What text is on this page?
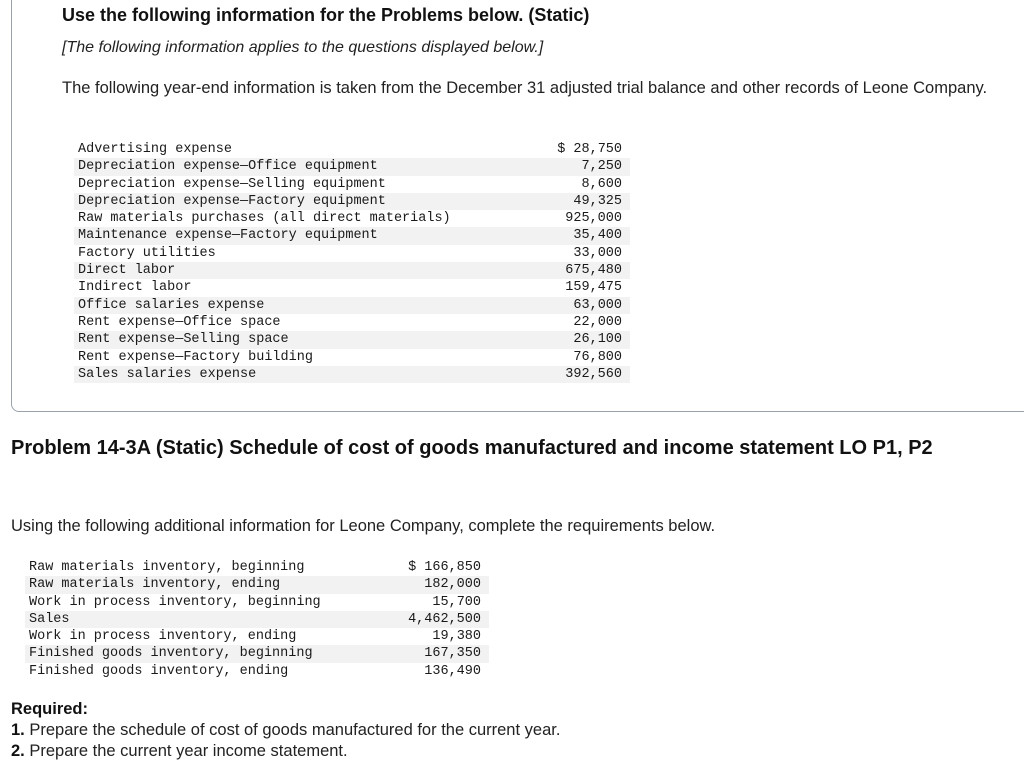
Use the following information for the Problems below. (Static)
[The following information applies to the questions displayed below.]
The following year-end information is taken from the December 31 adjusted trial balance and other records of Leone Company.
Advertising expense	$ 28,750
Depreciation expense—Office equipment	7,250
Depreciation expense—Selling equipment	8,600
Depreciation expense—Factory equipment	49,325
Raw materials purchases (all direct materials)	925,000
Maintenance expense—Factory equipment	35,400
Factory utilities	33,000
Direct labor	675,480
Indirect labor	159,475
Office salaries expense	63,000
Rent expense—Office space	22,000
Rent expense—Selling space	26,100
Rent expense—Factory building	76,800
Sales salaries expense	392,560
Problem 14-3A (Static) Schedule of cost of goods manufactured and income statement LO P1, P2
Using the following additional information for Leone Company, complete the requirements below.
Raw materials inventory, beginning	$ 166,850
Raw materials inventory, ending	182,000
Work in process inventory, beginning	15,700
Sales	4,462,500
Work in process inventory, ending	19,380
Finished goods inventory, beginning	167,350
Finished goods inventory, ending	136,490
Required:
1. Prepare the schedule of cost of goods manufactured for the current year.
2. Prepare the current year income statement.
